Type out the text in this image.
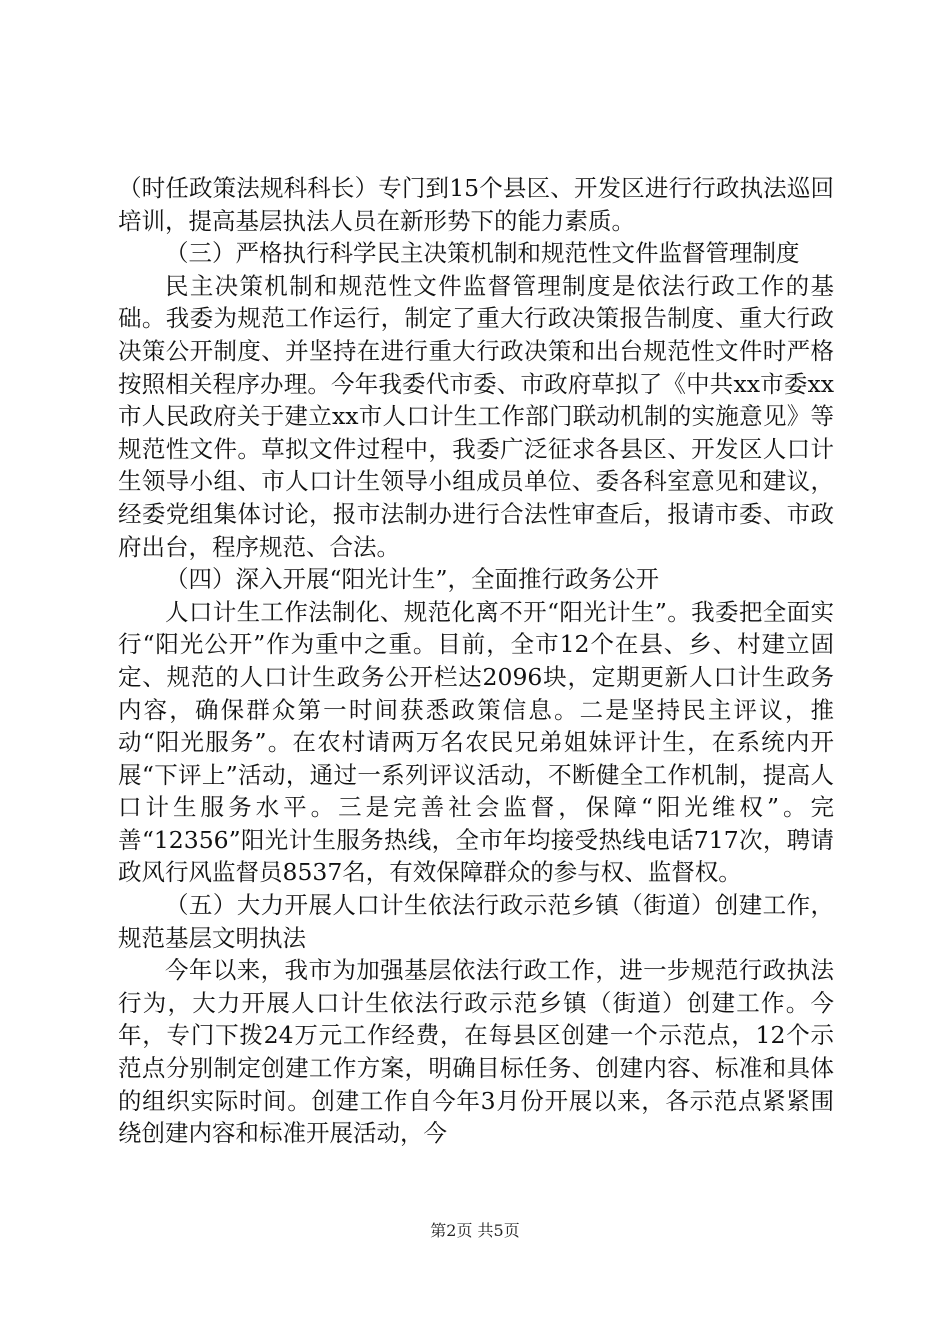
（时任政策法规科科长）专门到15个县区、开发区进行行政执法巡回培训，提高基层执法人员在新形势下的能力素质。

（三）严格执行科学民主决策机制和规范性文件监督管理制度

民主决策机制和规范性文件监督管理制度是依法行政工作的基础。我委为规范工作运行，制定了重大行政决策报告制度、重大行政决策公开制度、并坚持在进行重大行政决策和出台规范性文件时严格按照相关程序办理。今年我委代市委、市政府草拟了《中共xx市委xx市人民政府关于建立xx市人口计生工作部门联动机制的实施意见》等规范性文件。草拟文件过程中，我委广泛征求各县区、开发区人口计生领导小组、市人口计生领导小组成员单位、委各科室意见和建议，经委党组集体讨论，报市法制办进行合法性审查后，报请市委、市政府出台，程序规范、合法。

（四）深入开展“阳光计生”，全面推行政务公开

人口计生工作法制化、规范化离不开“阳光计生”。我委把全面实行“阳光公开”作为重中之重。目前，全市12个在县、乡、村建立固定、规范的人口计生政务公开栏达2096块，定期更新人口计生政务内容，确保群众第一时间获悉政策信息。二是坚持民主评议，推动“阳光服务”。在农村请两万名农民兄弟姐妹评计生，在系统内开展“下评上”活动，通过一系列评议活动，不断健全工作机制，提高人口计生服务水平。三是完善社会监督，保障“阳光维权”。完善“12356”阳光计生服务热线，全市年均接受热线电话717次，聘请政风行风监督员8537名，有效保障群众的参与权、监督权。

（五）大力开展人口计生依法行政示范乡镇（街道）创建工作，规范基层文明执法

今年以来，我市为加强基层依法行政工作，进一步规范行政执法行为，大力开展人口计生依法行政示范乡镇（街道）创建工作。今年，专门下拨24万元工作经费，在每县区创建一个示范点，12个示范点分别制定创建工作方案，明确目标任务、创建内容、标准和具体的组织实际时间。创建工作自今年3月份开展以来，各示范点紧紧围绕创建内容和标准开展活动，今

第2页 共5页
